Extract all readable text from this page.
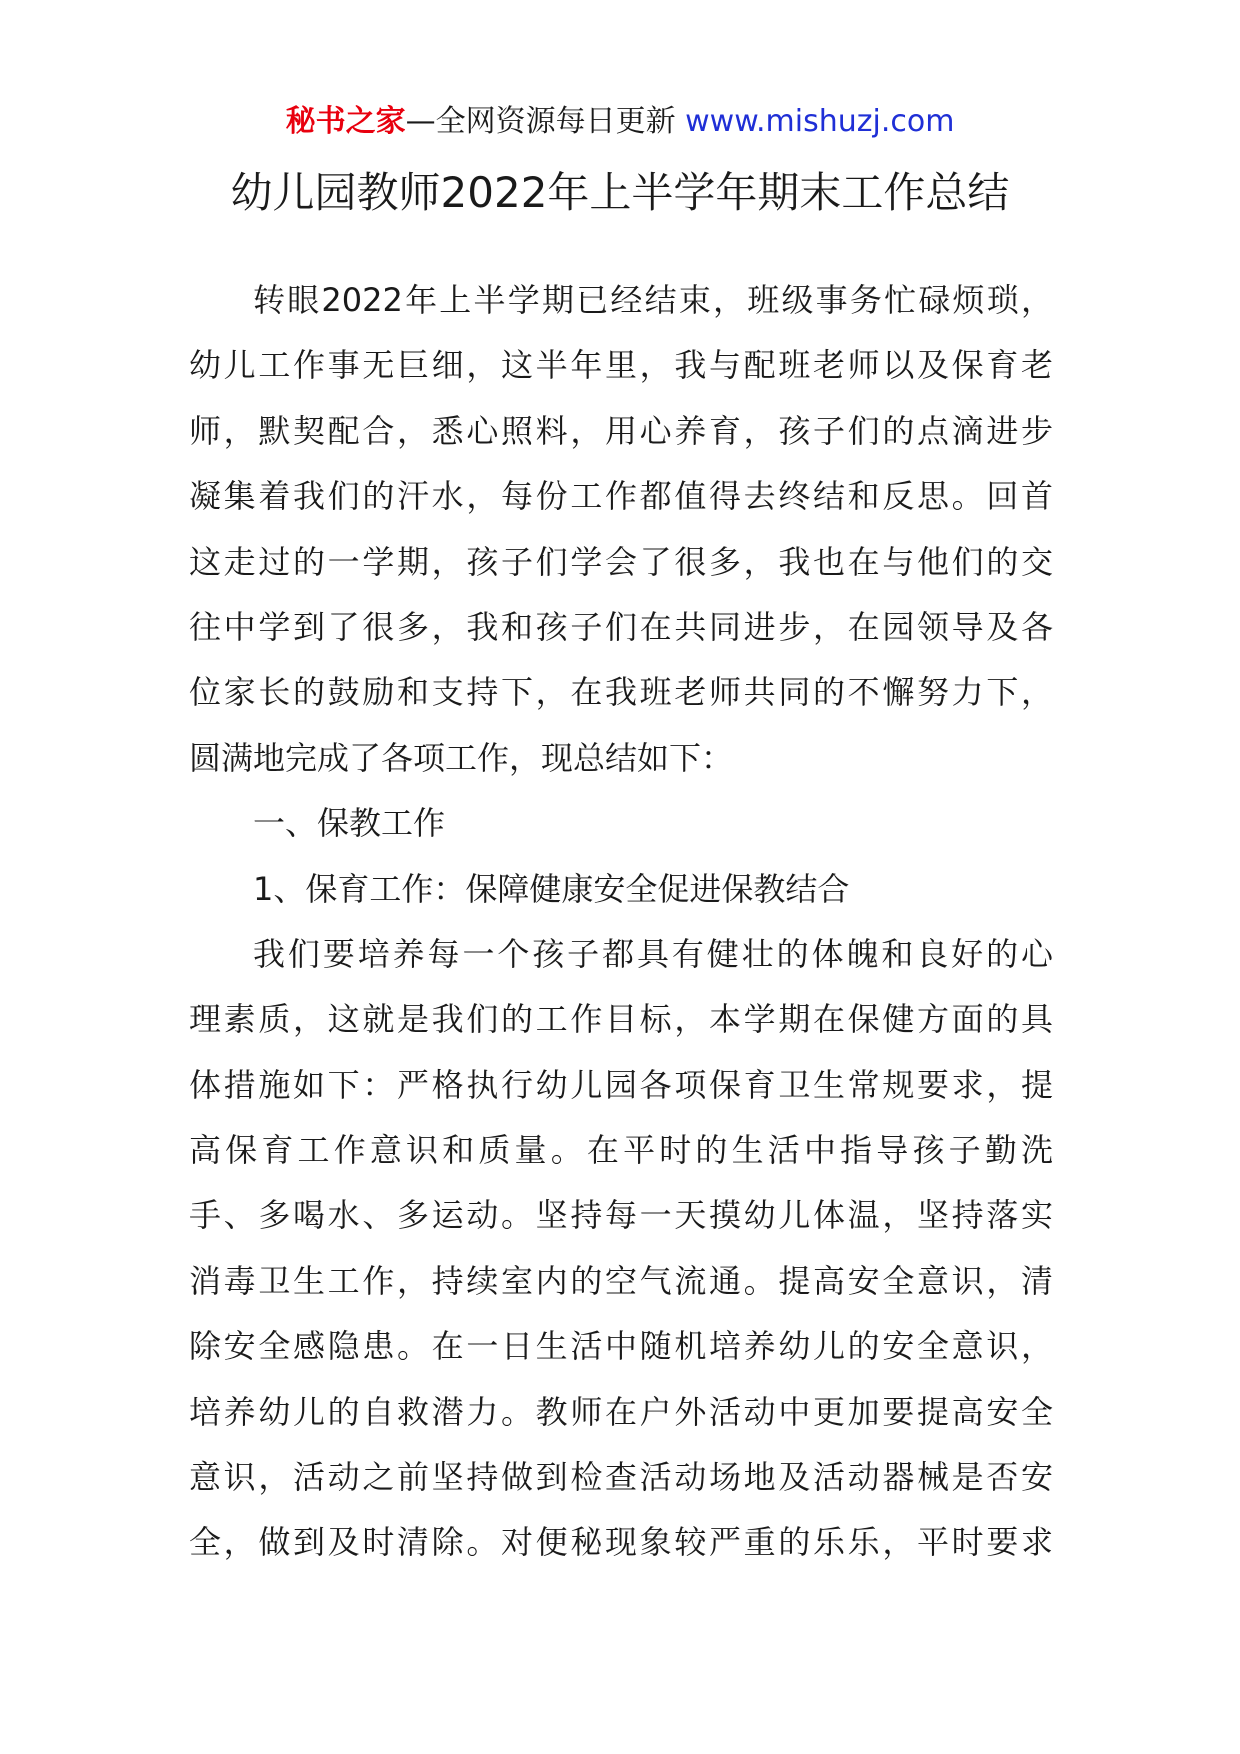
秘书之家—全网资源每日更新 www.mishuzj.com
幼儿园教师2022年上半学年期末工作总结
转眼2022年上半学期已经结束，班级事务忙碌烦琐，
幼儿工作事无巨细，这半年里，我与配班老师以及保育老
师，默契配合，悉心照料，用心养育，孩子们的点滴进步
凝集着我们的汗水，每份工作都值得去终结和反思。回首
这走过的一学期，孩子们学会了很多，我也在与他们的交
往中学到了很多，我和孩子们在共同进步，在园领导及各
位家长的鼓励和支持下，在我班老师共同的不懈努力下，
圆满地完成了各项工作，现总结如下：
一、保教工作
1、保育工作：保障健康安全促进保教结合
我们要培养每一个孩子都具有健壮的体魄和良好的心
理素质，这就是我们的工作目标，本学期在保健方面的具
体措施如下：严格执行幼儿园各项保育卫生常规要求，提
高保育工作意识和质量。在平时的生活中指导孩子勤洗
手、多喝水、多运动。坚持每一天摸幼儿体温，坚持落实
消毒卫生工作，持续室内的空气流通。提高安全意识，清
除安全感隐患。在一日生活中随机培养幼儿的安全意识，
培养幼儿的自救潜力。教师在户外活动中更加要提高安全
意识，活动之前坚持做到检查活动场地及活动器械是否安
全，做到及时清除。对便秘现象较严重的乐乐，平时要求
